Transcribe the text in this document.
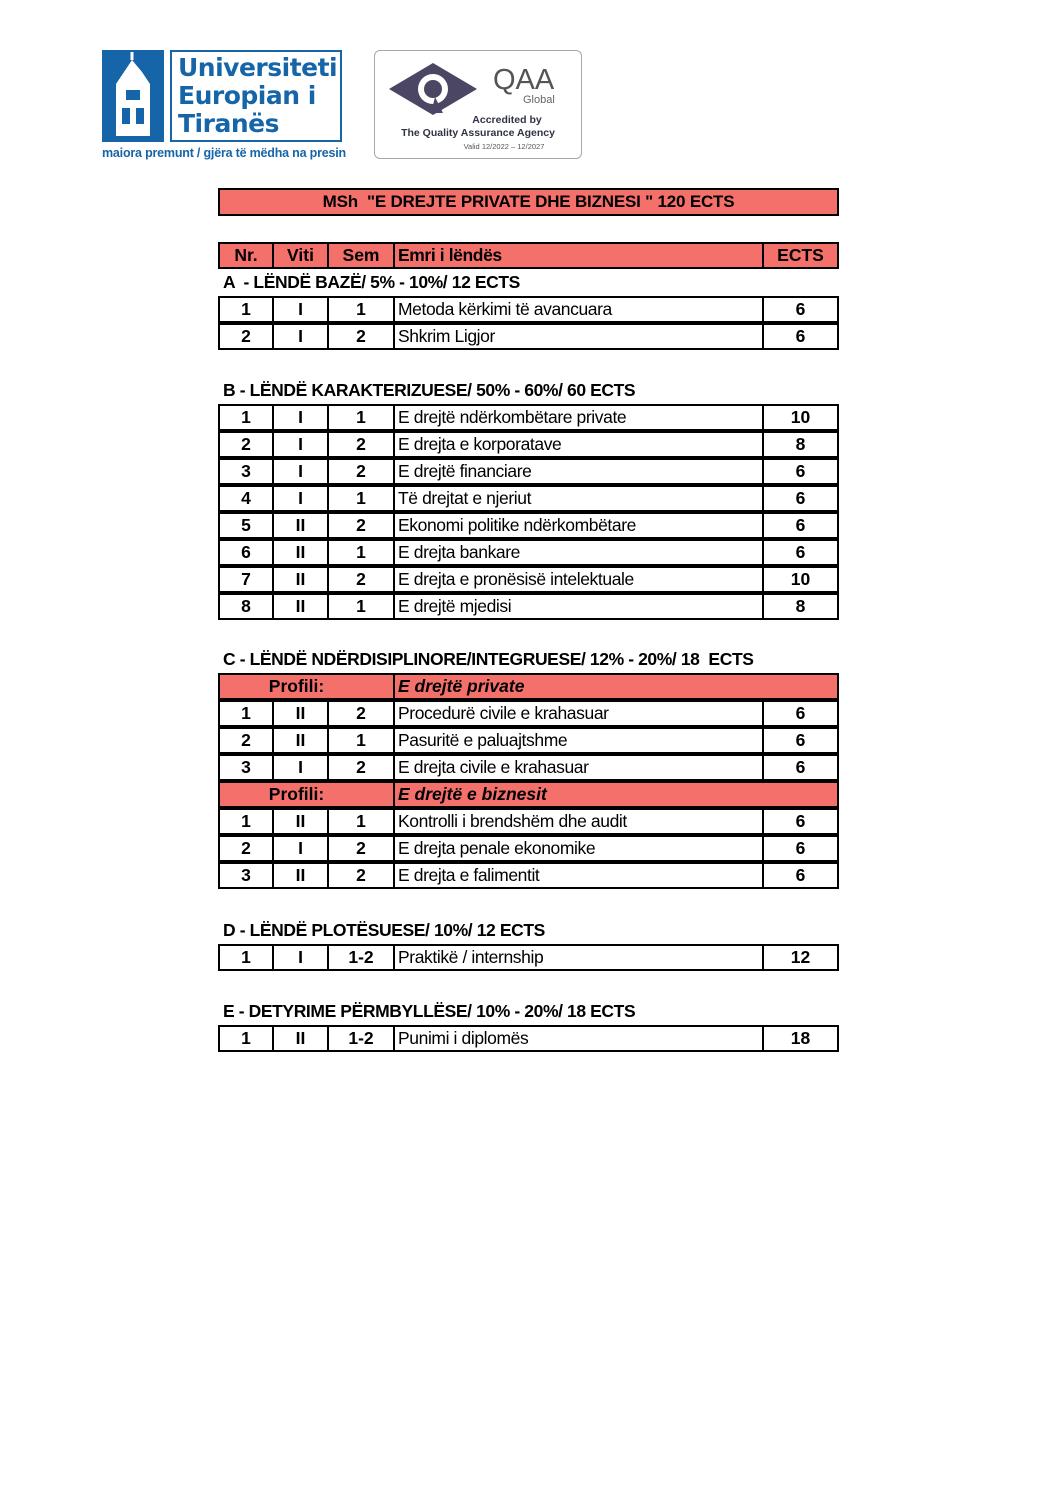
Universiteti
Europian i
Tiranës
maiora premunt / gjëra të mëdha na presin
QAA
Global
Accredited by
The Quality Assurance Agency
Valid 12/2022 – 12/2027
MSh  "E DREJTE PRIVATE DHE BIZNESI " 120 ECTS
Nr.	Viti	Sem	Emri i lëndës	ECTS
A  - LËNDË BAZË/ 5% - 10%/ 12 ECTS
1	I	1	Metoda kërkimi të avancuara	6
2	I	2	Shkrim Ligjor	6
B - LËNDË KARAKTERIZUESE/ 50% - 60%/ 60 ECTS
1	I	1	E drejtë ndërkombëtare private	10
2	I	2	E drejta e korporatave	8
3	I	2	E drejtë financiare	6
4	I	1	Të drejtat e njeriut	6
5	II	2	Ekonomi politike ndërkombëtare	6
6	II	1	E drejta bankare	6
7	II	2	E drejta e pronësisë intelektuale	10
8	II	1	E drejtë mjedisi	8
C - LËNDË NDËRDISIPLINORE/INTEGRUESE/ 12% - 20%/ 18  ECTS
Profili:	E drejtë private
1	II	2	Procedurë civile e krahasuar	6
2	II	1	Pasuritë e paluajtshme	6
3	I	2	E drejta civile e krahasuar	6
Profili:	E drejtë e biznesit
1	II	1	Kontrolli i brendshëm dhe audit	6
2	I	2	E drejta penale ekonomike	6
3	II	2	E drejta e falimentit	6
D - LËNDË PLOTËSUESE/ 10%/ 12 ECTS
1	I	1-2	Praktikë / internship	12
E - DETYRIME PËRMBYLLËSE/ 10% - 20%/ 18 ECTS
1	II	1-2	Punimi i diplomës	18
